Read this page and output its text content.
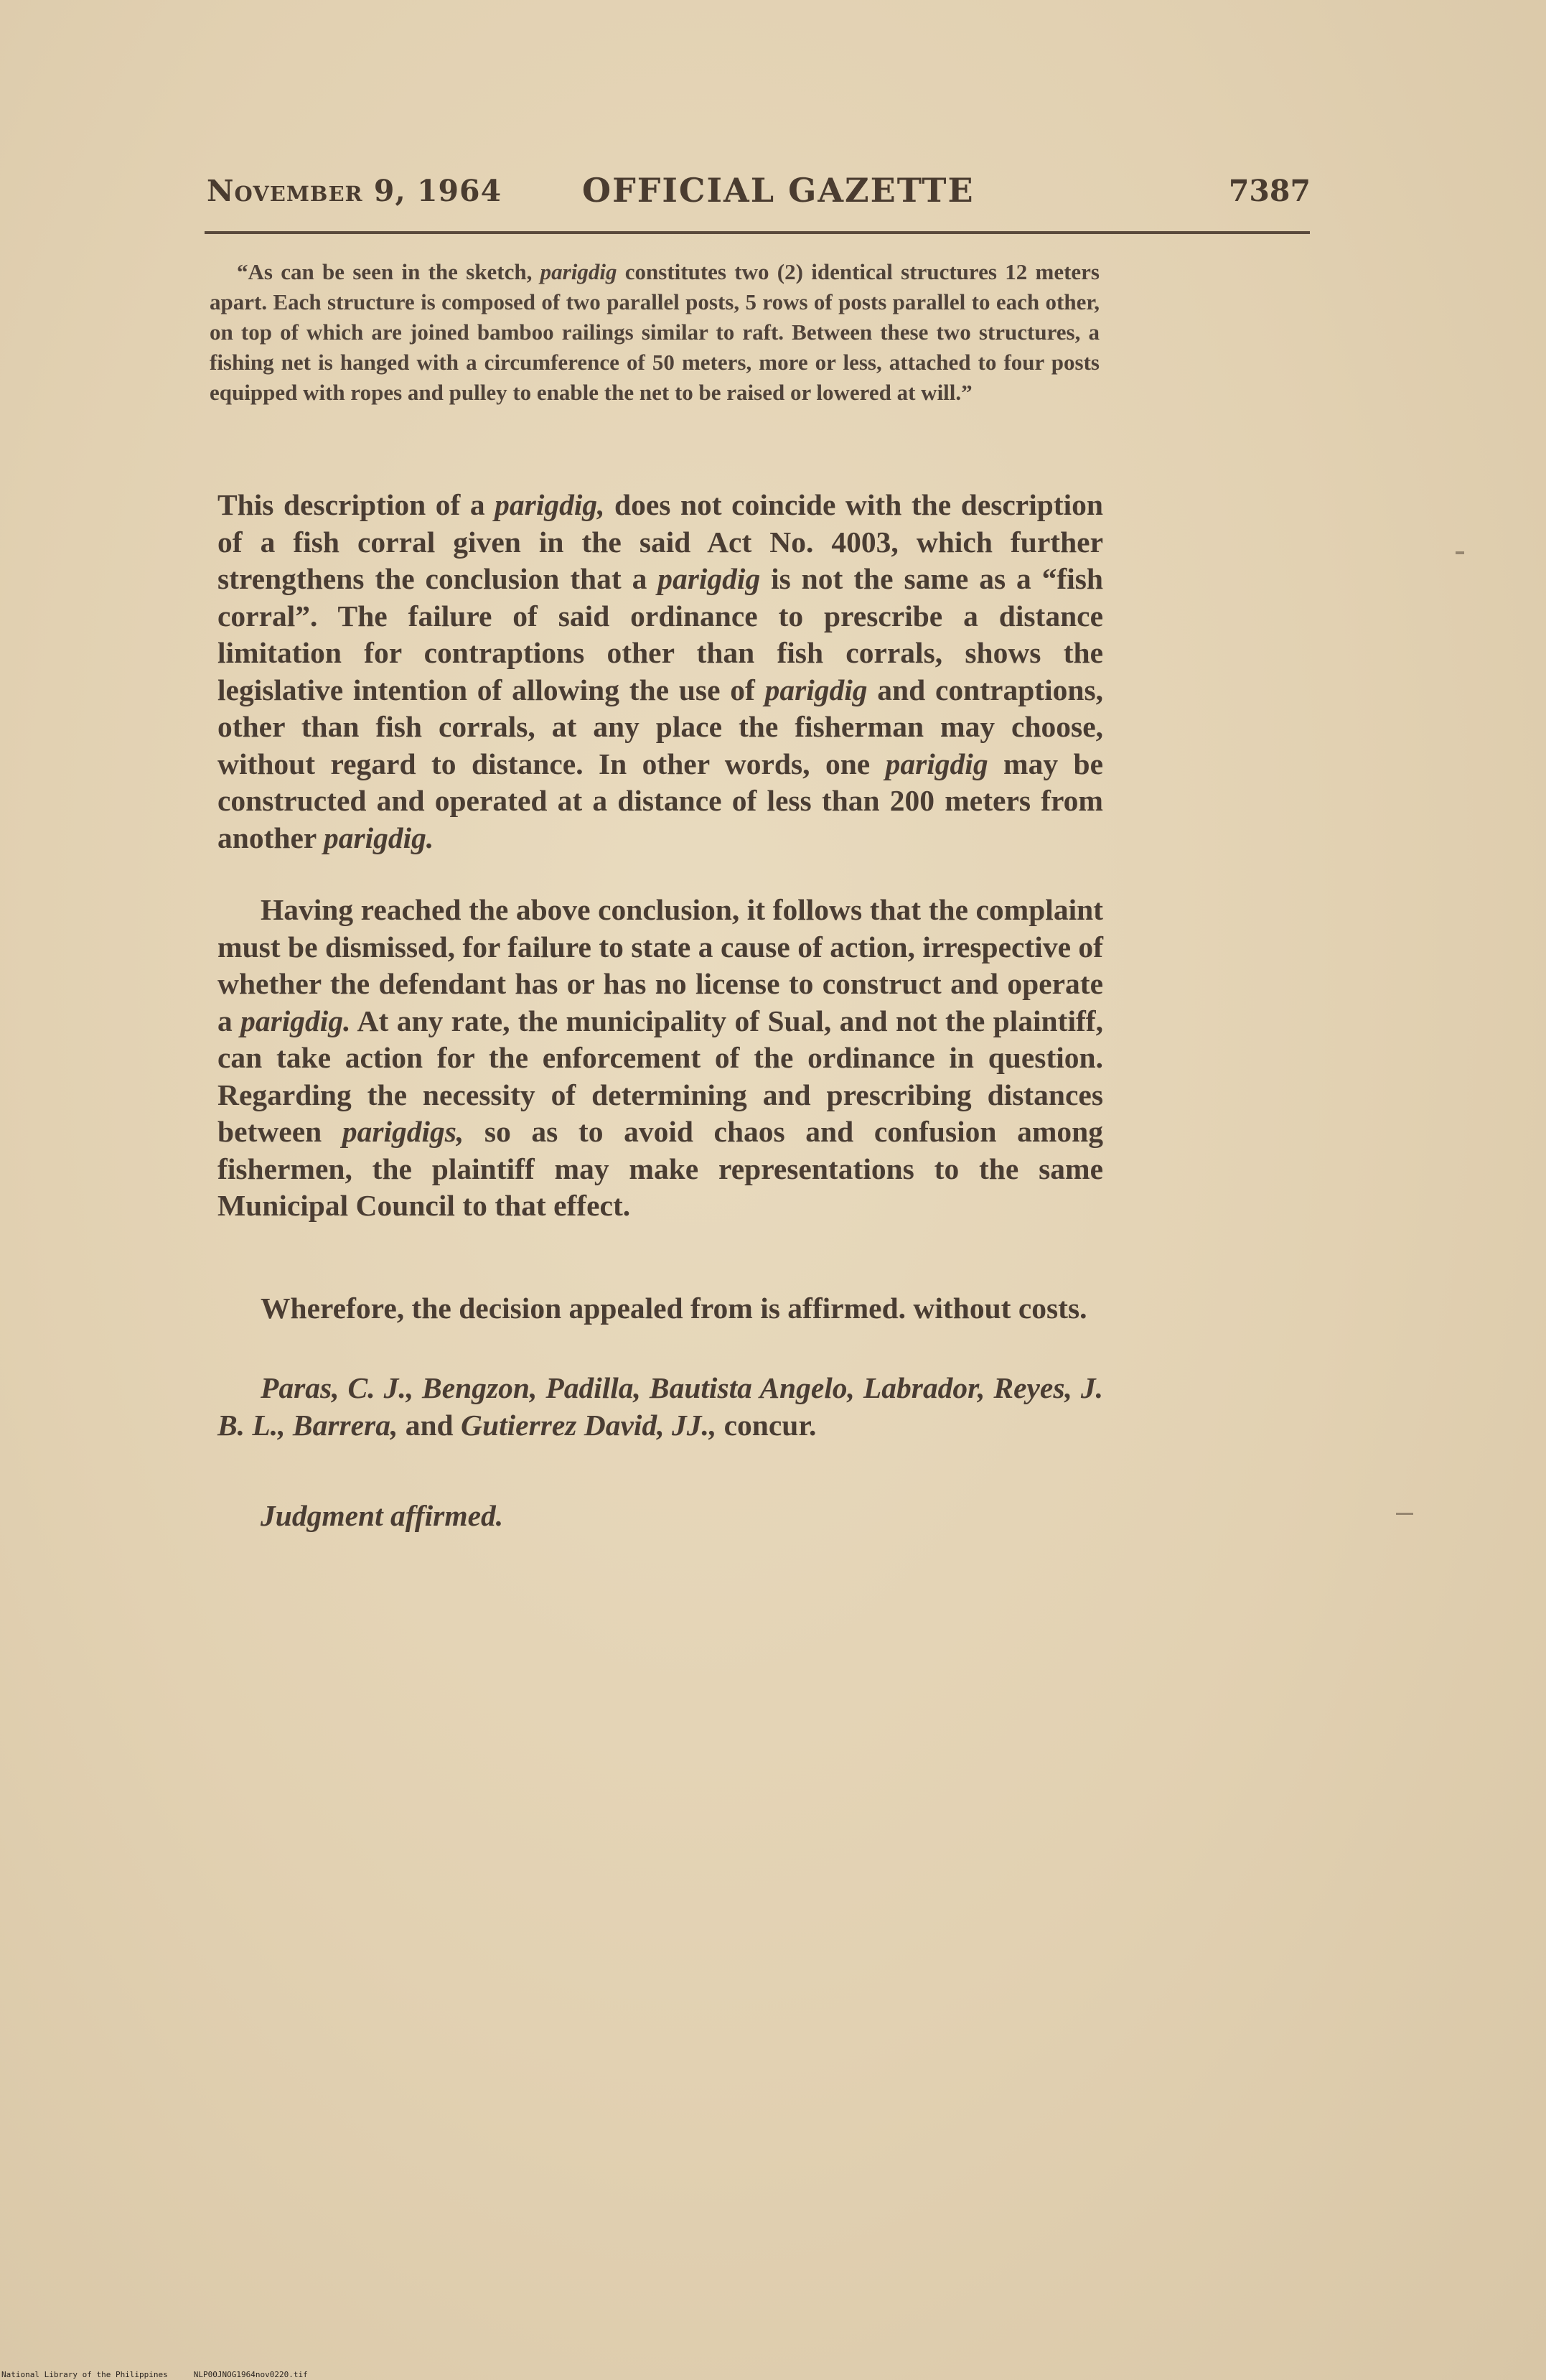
November 9, 1964 OFFICIAL GAZETTE	7387
“As can be seen in the sketch, parigdig constitutes two (2) identical structures 12 meters apart. Each structure is composed of two parallel posts, 5 rows of posts parallel to each other, on top of which are joined bamboo railings similar to raft. Between these two structures, a fishing net is hanged with a circumference of 50 meters, more or less, attached to four posts equipped with ropes and pulley to enable the net to be raised or lowered at will.”
This description of a parigdig, does not coincide with the description of a fish corral given in the said Act No. 4003, which further strengthens the conclusion that a parigdig is not the same as a “fish corral”. The failure of said ordinance to prescribe a distance limitation for contraptions other than fish corrals, shows the legislative intention of allowing the use of parigdig and contraptions, other than fish corrals, at any place the fisherman may choose, without regard to distance. In other words, one parigdig may be constructed and operated at a distance of less than 200 meters from another parigdig.
Having reached the above conclusion, it follows that the complaint must be dismissed, for failure to state a cause of action, irrespective of whether the defendant has or has no license to construct and operate a parigdig. At any rate, the municipality of Sual, and not the plaintiff, can take action for the enforcement of the ordinance in question. Regarding the necessity of determining and prescribing distances between parigdigs, so as to avoid chaos and confusion among fishermen, the plaintiff may make representations to the same Municipal Council to that effect.
Wherefore, the decision appealed from is affirmed. without costs.
Paras, C. J., Bengzon, Padilla, Bautista Angelo, Labrador, Reyes, J. B. L., Barrera, and Gutierrez David, JJ., concur.
Judgment affirmed.
National Library of the Philippines	NLP00JNOG1964nov0220.tif
